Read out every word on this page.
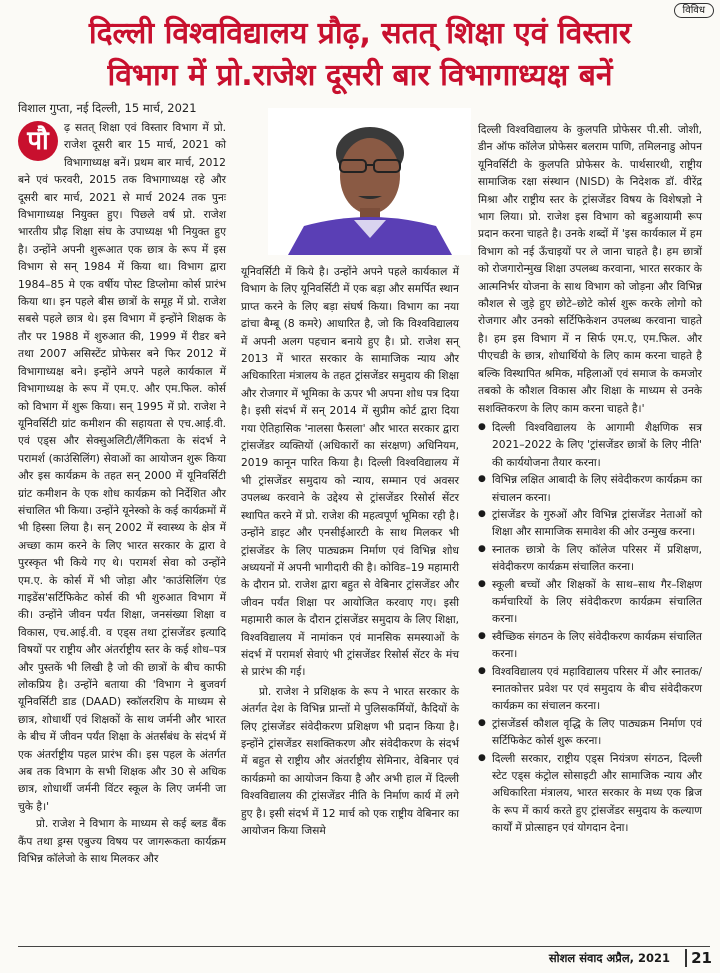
विविध
दिल्ली विश्वविद्यालय प्रौढ़, सतत् शिक्षा एवं विस्तार
विभाग में प्रो.राजेश दूसरी बार विभागाध्यक्ष बनें
विशाल गुप्ता, नई दिल्ली, 15 मार्च, 2021

पौ	ढ़ सतत् शिक्षा एवं विस्तार विभाग में प्रो. राजेश दूसरी बार 15 मार्च, 2021 को विभागाध्यक्ष बनें। प्रथम बार मार्च, 2012 बने एवं फरवरी, 2015 तक विभागाध्यक्ष रहे और दूसरी बार मार्च, 2021 से मार्च 2024 तक पुनः विभागाध्यक्ष नियुक्त हुए। पिछले वर्ष प्रो. राजेश भारतीय प्रौढ़ शिक्षा संघ के उपाध्यक्ष भी नियुक्त हुए है। उन्होंने अपनी शुरूआत एक छात्र के रूप में इस विभाग से सन् 1984 में किया था। विभाग द्वारा 1984–85 मे एक वर्षीय पोस्ट डिप्लोमा कोर्स प्रारंभ किया था। इन पहले बीस छात्रों के समूह में प्रो. राजेश सबसे पहले छात्र थे। इस विभाग में इन्होंने शिक्षक के तौर पर 1988 में शुरुआत की, 1999 में रीडर बने तथा 2007 असिस्टेंट प्रोफेसर बने फिर 2012 में विभागाध्यक्ष बने। इन्होंने अपने पहले कार्यकाल में विभागाध्यक्ष के रूप में एम.ए. और एम.फिल. कोर्स को विभाग में शुरू किया। सन् 1995 में प्रो. राजेश ने यूनिवर्सिटी ग्रांट कमीशन की सहायता से एच.आई.वी. एवं एड्स और सेक्सुअलिटी/लैंगिकता के संदर्भ ने परामर्श (काउंसिलिंग) सेवाओं का आयोजन शुरू किया और इस कार्यक्रम के तहत सन् 2000 में यूनिवर्सिटी ग्रांट कमीशन के एक शोध कार्यक्रम को निर्देशित और संचालित भी किया। उन्होंने यूनेस्को के कई कार्यक्रमों में भी हिस्सा लिया है। सन् 2002 में स्वास्थ्य के क्षेत्र में अच्छा काम करने के लिए भारत सरकार के द्वारा वे पुरस्कृत भी किये गए थे। परामर्श सेवा को उन्होंने एम.ए. के कोर्स में भी जोड़ा और 'काउंसिलिंग एंड गाइडेंस'सर्टिफिकेट कोर्स की भी शुरुआत विभाग में की। उन्होंने जीवन पर्यंत शिक्षा, जनसंख्या शिक्षा व विकास, एच.आई.वी. व एड्स तथा ट्रांसजेंडर इत्यादि विषयों पर राष्ट्रीय और अंतर्राष्ट्रीय स्तर के कई शोध–पत्र और पुस्तकें भी लिखी है जो की छात्रों के बीच काफी लोकप्रिय है। उन्होंने बताया की 'विभाग ने बुजवर्ग यूनिवर्सिटी डाड (DAAD) स्कॉलरशिप के माध्यम से छात्र, शोधार्थी एवं शिक्षकों के साथ जर्मनी और भारत के बीच में जीवन पर्यंत शिक्षा के अंतर्संबंध के संदर्भ में एक अंतर्राष्ट्रीय पहल प्रारंभ की। इस पहल के अंतर्गत अब तक विभाग के सभी शिक्षक और 30 से अधिक छात्र, शोधार्थी जर्मनी विंटर स्कूल के लिए जर्मनी जा चुके है।'

प्रो. राजेश ने विभाग के माध्यम से कई ब्लड बैंक कैंप तथा ड्रग्स एबुज्य विषय पर जागरूकता कार्यक्रम विभिन्न कॉलेजो के साथ मिलकर और

यूनिवर्सिटी में किये है। उन्होंने अपने पहले कार्यकाल में विभाग के लिए यूनिवर्सिटी में एक बड़ा और समर्पित स्थान प्राप्त करने के लिए बड़ा संघर्ष किया। विभाग का नया ढांचा बैम्बू (8 कमरे) आधारित है, जो कि विश्वविद्यालय में अपनी अलग पहचान बनाये हुए है। प्रो. राजेश सन् 2013 में भारत सरकार के सामाजिक न्याय और अधिकारिता मंत्रालय के तहत ट्रांसजेंडर समुदाय की शिक्षा और रोजगार में भूमिका के ऊपर भी अपना शोध पत्र दिया है। इसी संदर्भ में सन् 2014 में सुप्रीम कोर्ट द्वारा दिया गया ऐतिहासिक 'नालसा फैसला' और भारत सरकार द्वारा ट्रांसजेंडर व्यक्तियों (अधिकारों का संरक्षण) अधिनियम, 2019 कानून पारित किया है। दिल्ली विश्वविद्यालय में भी ट्रांसजेंडर समुदाय को न्याय, सम्मान एवं अवसर उपलब्ध करवाने के उद्देश्य से ट्रांसजेंडर रिसोर्स सेंटर स्थापित करने में प्रो. राजेश की महत्वपूर्ण भूमिका रही है। उन्होंने डाइट और एनसीईआरटी के साथ मिलकर भी ट्रांसजेंडर के लिए पाठ्यक्रम निर्माण एवं विभिन्न शोध अध्ययनों में अपनी भागीदारी की है। कोविड–19 महामारी के दौरान प्रो. राजेश द्वारा बहुत से वेबिनार ट्रांसजेंडर और जीवन पर्यंत शिक्षा पर आयोजित करवाए गए। इसी महामारी काल के दौरान ट्रांसजेंडर समुदाय के लिए शिक्षा, विश्वविद्यालय में नामांकन एवं मानसिक समस्याओं के संदर्भ में परामर्श सेवाएं भी ट्रांसजेंडर रिसोर्स सेंटर के मंच से प्रारंभ की गई।

प्रो. राजेश ने प्रशिक्षक के रूप ने भारत सरकार के अंतर्गत देश के विभिन्न प्रान्तों मे पुलिसकर्मियों, कैदियों के लिए ट्रांसजेंडर संवेदीकरण प्रशिक्षण भी प्रदान किया है। इन्होंने ट्रांसजेंडर सशक्तिकरण और संवेदीकरण के संदर्भ में बहुत से राष्ट्रीय और अंतर्राष्ट्रीय सेमिनार, वेबिनार एवं कार्यक्रमो का आयोजन किया है और अभी हाल में दिल्ली विश्वविद्यालय की ट्रांसजेंडर नीति के निर्माण कार्य में लगे हुए है। इसी संदर्भ में 12 मार्च को एक राष्ट्रीय वेबिनार का आयोजन किया जिसमे

दिल्ली विश्वविद्यालय के कुलपति प्रोफेसर पी.सी. जोशी, डीन ऑफ कॉलेज प्रोफेसर बलराम पाणि, तमिलनाडु ओपन यूनिवर्सिटी के कुलपति प्रोफेसर के. पार्थसारथी, राष्ट्रीय सामाजिक रक्षा संस्थान (NISD) के निदेशक डॉ. वीरेंद्र मिश्रा और राष्ट्रीय स्तर के ट्रांसजेंडर विषय के विशेषज्ञो ने भाग लिया। प्रो. राजेश इस विभाग को बहुआयामी रूप प्रदान करना चाहते है। उनके शब्दों में 'इस कार्यकाल में हम विभाग को नई ऊँचाइयों पर ले जाना चाहते है। हम छात्रों को रोजगारोन्मुख शिक्षा उपलब्ध करवाना, भारत सरकार के आत्मनिर्भर योजना के साथ विभाग को जोड़ना और विभिन्न कौशल से जुड़े हुए छोटे–छोटे कोर्स शुरू करके लोगो को रोजगार और उनको सर्टिफिकेशन उपलब्ध करवाना चाहते है। हम इस विभाग में न सिर्फ एम.ए, एम.फिल. और पीएचडी के छात्र, शोधार्थियो के लिए काम करना चाहते है बल्कि विस्थापित श्रमिक, महिलाओं एवं समाज के कमजोर तबको के कौशल विकास और शिक्षा के माध्यम से उनके सशक्तिकरण के लिए काम करना चाहते है।'

● दिल्ली विश्वविद्यालय के आगामी शैक्षणिक सत्र 2021–2022 के लिए 'ट्रांसजेंडर छात्रों के लिए नीति' की कार्ययोजना तैयार करना।
● विभिन्न लक्षित आबादी के लिए संवेदीकरण कार्यक्रम का संचालन करना।
● ट्रांसजेंडर के गुरुओं और विभिन्न ट्रांसजेंडर नेताओं को शिक्षा और सामाजिक समावेश की ओर उन्मुख करना।
● स्नातक छात्रो के लिए कॉलेज परिसर में प्रशिक्षण, संवेदीकरण कार्यक्रम संचालित करना।
● स्कूली बच्चों और शिक्षकों के साथ–साथ गैर–शिक्षण कर्मचारियों के लिए संवेदीकरण कार्यक्रम संचालित करना।
● स्वैच्छिक संगठन के लिए संवेदीकरण कार्यक्रम संचालित करना।
● विश्वविद्यालय एवं महाविद्यालय परिसर में और स्नातक/स्नातकोत्तर प्रवेश पर एवं समुदाय के बीच संवेदीकरण कार्यक्रम का संचालन करना।
● ट्रांसजेंडर्स कौशल वृद्धि के लिए पाठ्यक्रम निर्माण एवं सर्टिफिकेट कोर्स शुरू करना।
● दिल्ली सरकार, राष्ट्रीय एड्स नियंत्रण संगठन, दिल्ली स्टेट एड्स कंट्रोल सोसाइटी और सामाजिक न्याय और अधिकारिता मंत्रालय, भारत सरकार के मध्य एक ब्रिज के रूप में कार्य करते हुए ट्रांसजेंडर समुदाय के कल्याण कार्यों में प्रोत्साहन एवं योगदान देना।
सोशल संवाद अप्रैल, 2021	21
